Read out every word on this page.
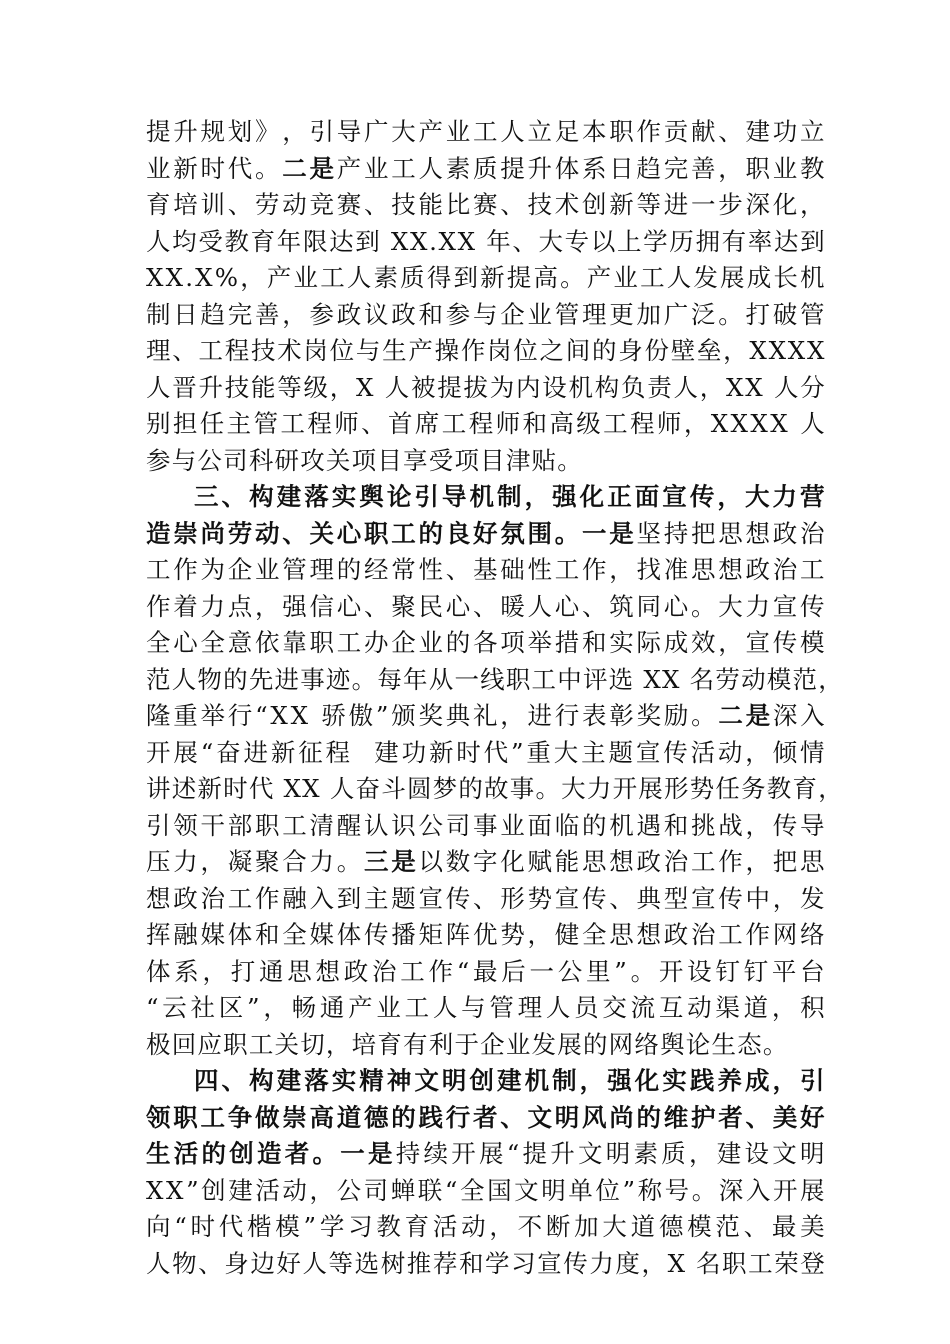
提 升 规 划 》 ， 引 导 广 大 产 业 工 人 立 足 本 职 作 贡 献 、 建 功 立
业 新 时 代 。 二 是 产 业 工 人 素 质 提 升 体 系 日 趋 完 善 ， 职 业 教
育 培 训 、 劳 动 竞 赛 、 技 能 比 赛 、 技 术 创 新 等 进 一 步 深 化 ，
人 均 受 教 育 年 限 达 到
X X . X X
年 、 大 专 以 上 学 历 拥 有 率 达 到
X X . X % ， 产 业 工 人 素 质 得 到 新 提 高 。 产 业 工 人 发 展 成 长 机
制 日 趋 完 善 ， 参 政 议 政 和 参 与 企 业 管 理 更 加 广 泛 。 打 破 管
理 、 工 程 技 术 岗 位 与 生 产 操 作 岗 位 之 间 的 身 份 壁 垒 ， X X X X
人 晋 升 技 能 等 级 ， X
人 被 提 拔 为 内 设 机 构 负 责 人 ， X X
人 分
别 担 任 主 管 工 程 师 、 首 席 工 程 师 和 高 级 工 程 师 ， X X X X
人
参 与 公 司 科 研 攻 关 项 目 享 受 项 目 津 贴 。
三 、 构 建 落 实 舆 论 引 导 机 制 ， 强 化 正 面 宣 传 ， 大 力 营
造 崇 尚 劳 动 、 关 心 职 工 的 良 好 氛 围 。 一 是 坚 持 把 思 想 政 治
工 作 为 企 业 管 理 的 经 常 性 、 基 础 性 工 作 ， 找 准 思 想 政 治 工
作 着 力 点 ， 强 信 心 、 聚 民 心 、 暖 人 心 、 筑 同 心 。 大 力 宣 传
全 心 全 意 依 靠 职 工 办 企 业 的 各 项 举 措 和 实 际 成 效 ， 宣 传 模
范 人 物 的 先 进 事 迹 。 每 年 从 一 线 职 工 中 评 选
X X
名 劳 动 模 范 ，
隆 重 举 行 “ X X
骄 傲 ” 颁 奖 典 礼 ， 进 行 表 彰 奖 励 。 二 是 深 入
开 展 “ 奋 进 新 征 程

建 功 新 时 代 ” 重 大 主 题 宣 传 活 动 ， 倾 情
讲 述 新 时 代
X X
人 奋 斗 圆 梦 的 故 事 。 大 力 开 展 形 势 任 务 教 育 ，
引 领 干 部 职 工 清 醒 认 识 公 司 事 业 面 临 的 机 遇 和 挑 战 ， 传 导
压 力 ， 凝 聚 合 力 。 三 是 以 数 字 化 赋 能 思 想 政 治 工 作 ， 把 思
想 政 治 工 作 融 入 到 主 题 宣 传 、 形 势 宣 传 、 典 型 宣 传 中 ， 发
挥 融 媒 体 和 全 媒 体 传 播 矩 阵 优 势 ， 健 全 思 想 政 治 工 作 网 络
体 系 ， 打 通 思 想 政 治 工 作 “ 最 后 一 公 里 ” 。 开 设 钉 钉 平 台
“ 云 社 区 ” ， 畅 通 产 业 工 人 与 管 理 人 员 交 流 互 动 渠 道 ， 积
极 回 应 职 工 关 切 ， 培 育 有 利 于 企 业 发 展 的 网 络 舆 论 生 态 。
四 、 构 建 落 实 精 神 文 明 创 建 机 制 ， 强 化 实 践 养 成 ， 引
领 职 工 争 做 崇 高 道 德 的 践 行 者 、 文 明 风 尚 的 维 护 者 、 美 好
生 活 的 创 造 者 。 一 是 持 续 开 展 “ 提 升 文 明 素 质 ， 建 设 文 明
X X ” 创 建 活 动 ， 公 司 蝉 联 “ 全 国 文 明 单 位 ” 称 号 。 深 入 开 展
向 “ 时 代 楷 模 ” 学 习 教 育 活 动 ， 不 断 加 大 道 德 模 范 、 最 美
人 物 、 身 边 好 人 等 选 树 推 荐 和 学 习 宣 传 力 度 ， X
名 职 工 荣 登
